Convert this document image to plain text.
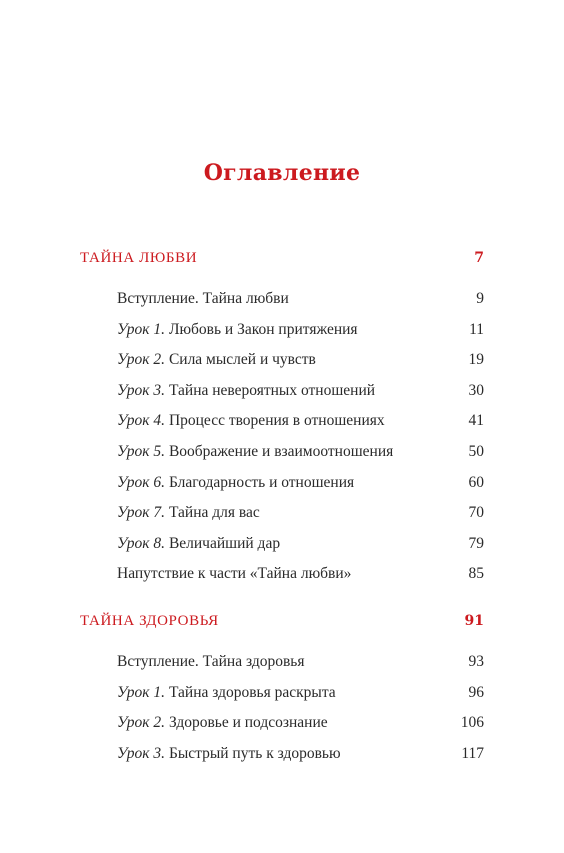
Оглавление
ТАЙНА ЛЮБВИ	7
Вступление. Тайна любви	9
Урок 1. Любовь и Закон притяжения	11
Урок 2. Сила мыслей и чувств	19
Урок 3. Тайна невероятных отношений	30
Урок 4. Процесс творения в отношениях	41
Урок 5. Воображение и взаимоотношения	50
Урок 6. Благодарность и отношения	60
Урок 7. Тайна для вас	70
Урок 8. Величайший дар	79
Напутствие к части «Тайна любви»	85
ТАЙНА ЗДОРОВЬЯ	91
Вступление. Тайна здоровья	93
Урок 1. Тайна здоровья раскрыта	96
Урок 2. Здоровье и подсознание	106
Урок 3. Быстрый путь к здоровью	117
